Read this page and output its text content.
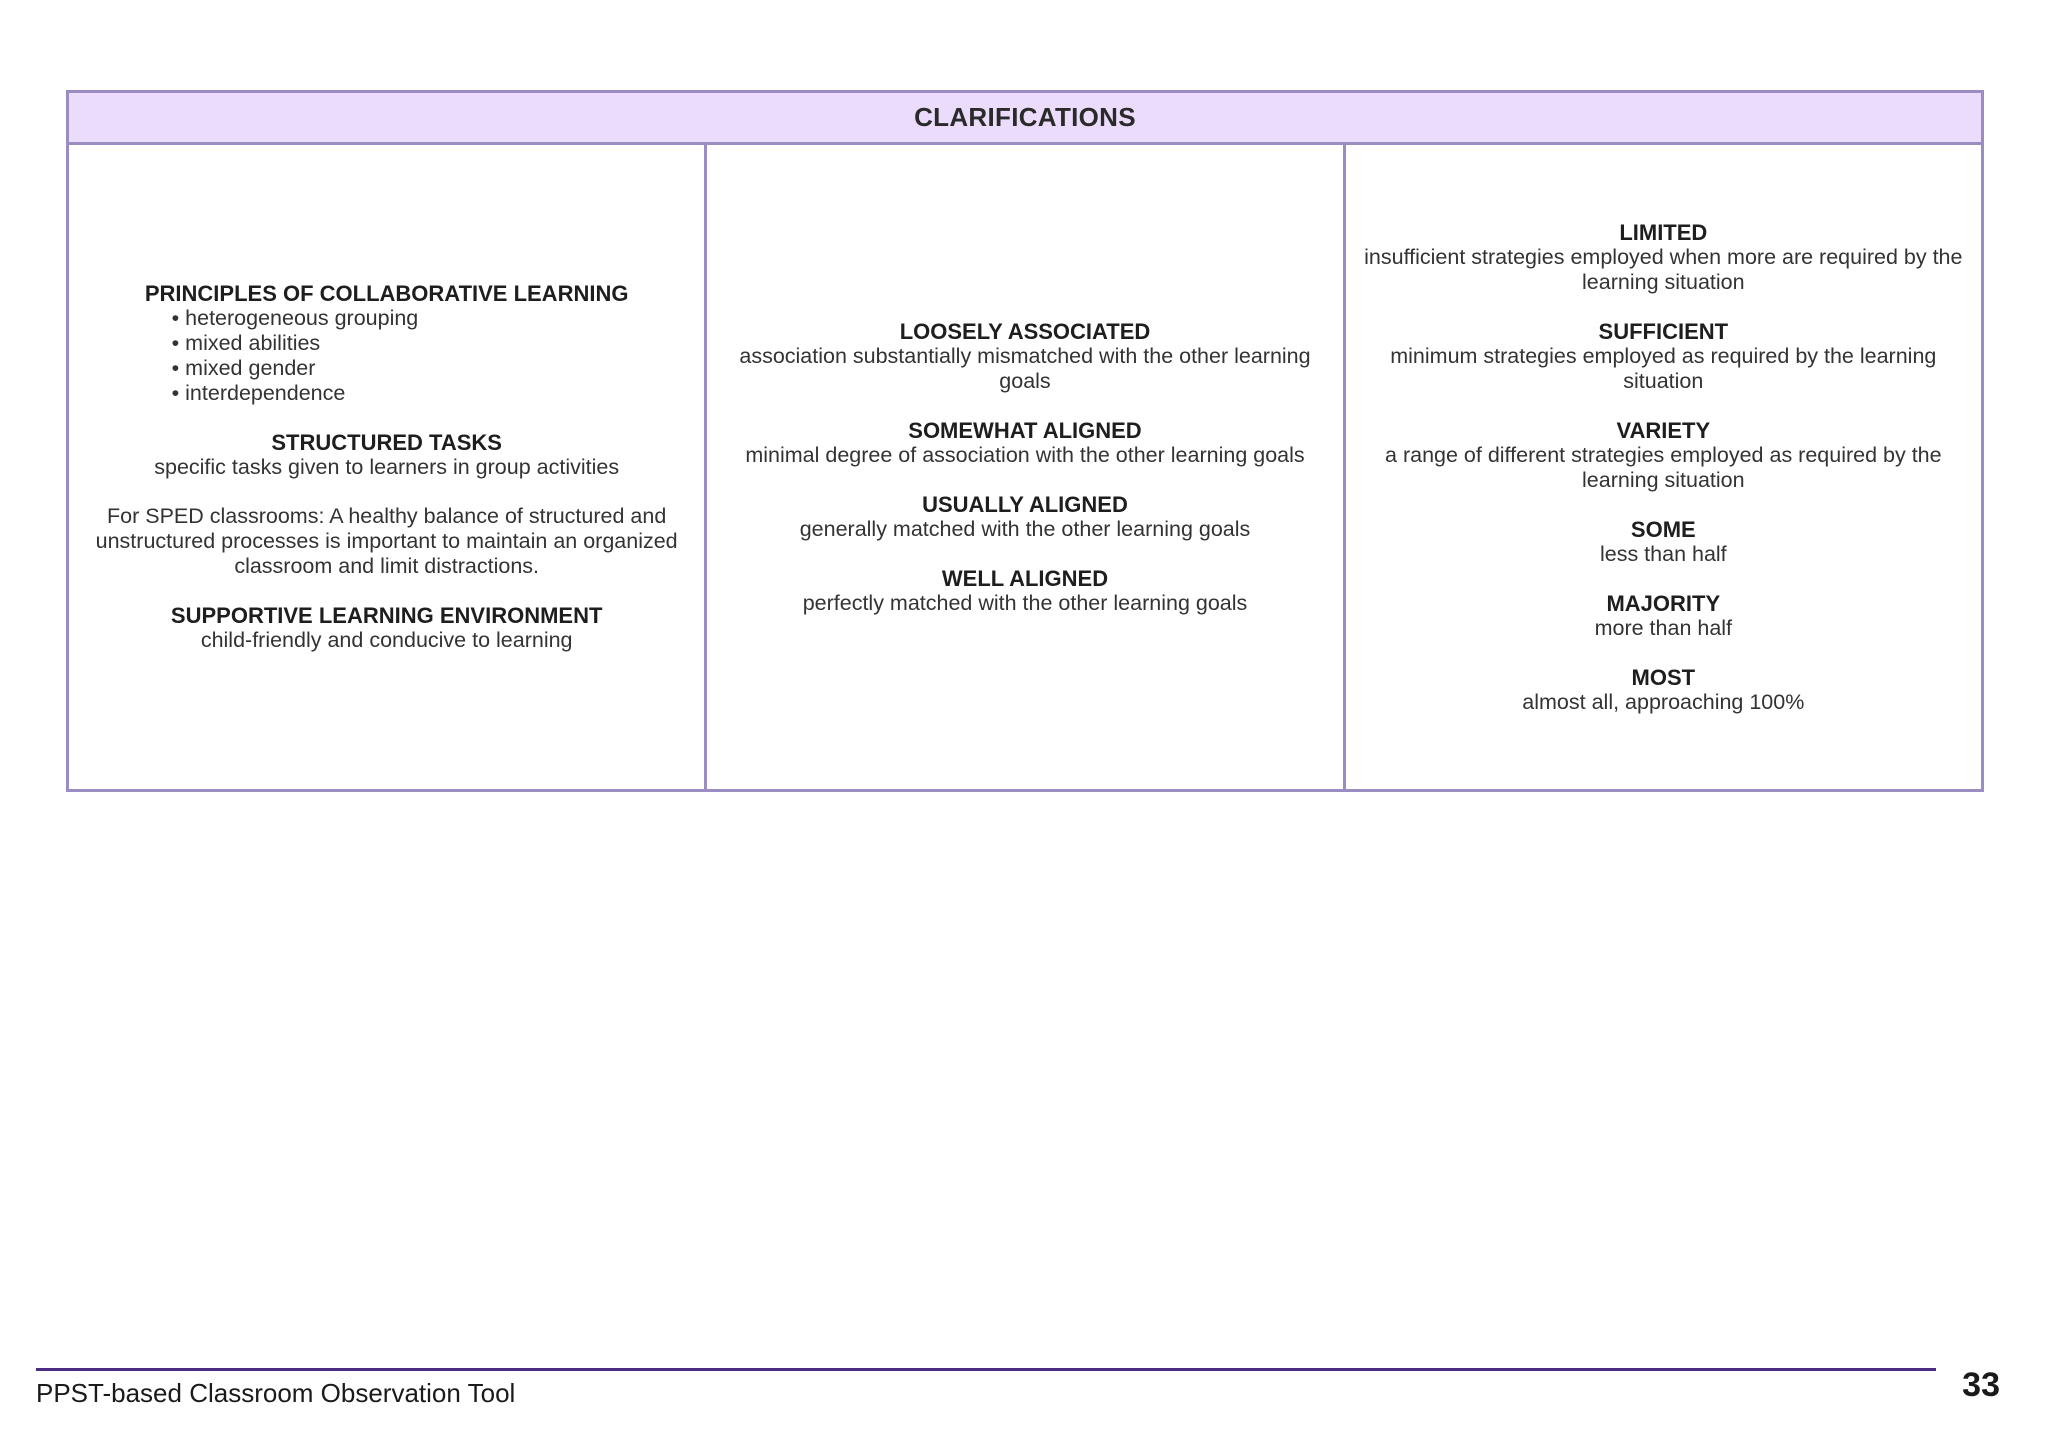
CLARIFICATIONS
PRINCIPLES OF COLLABORATIVE LEARNING
• heterogeneous grouping
• mixed abilities
• mixed gender
• interdependence
STRUCTURED TASKS
specific tasks given to learners in group activities
For SPED classrooms: A healthy balance of structured and unstructured processes is important to maintain an organized classroom and limit distractions.
SUPPORTIVE LEARNING ENVIRONMENT
child-friendly and conducive to learning
LOOSELY ASSOCIATED
association substantially mismatched with the other learning goals
SOMEWHAT ALIGNED
minimal degree of association with the other learning goals
USUALLY ALIGNED
generally matched with the other learning goals
WELL ALIGNED
perfectly matched with the other learning goals
LIMITED
insufficient strategies employed when more are required by the learning situation
SUFFICIENT
minimum strategies employed as required by the learning situation
VARIETY
a range of different strategies employed as required by the learning situation
SOME
less than half
MAJORITY
more than half
MOST
almost all, approaching 100%
PPST-based Classroom Observation Tool	33
